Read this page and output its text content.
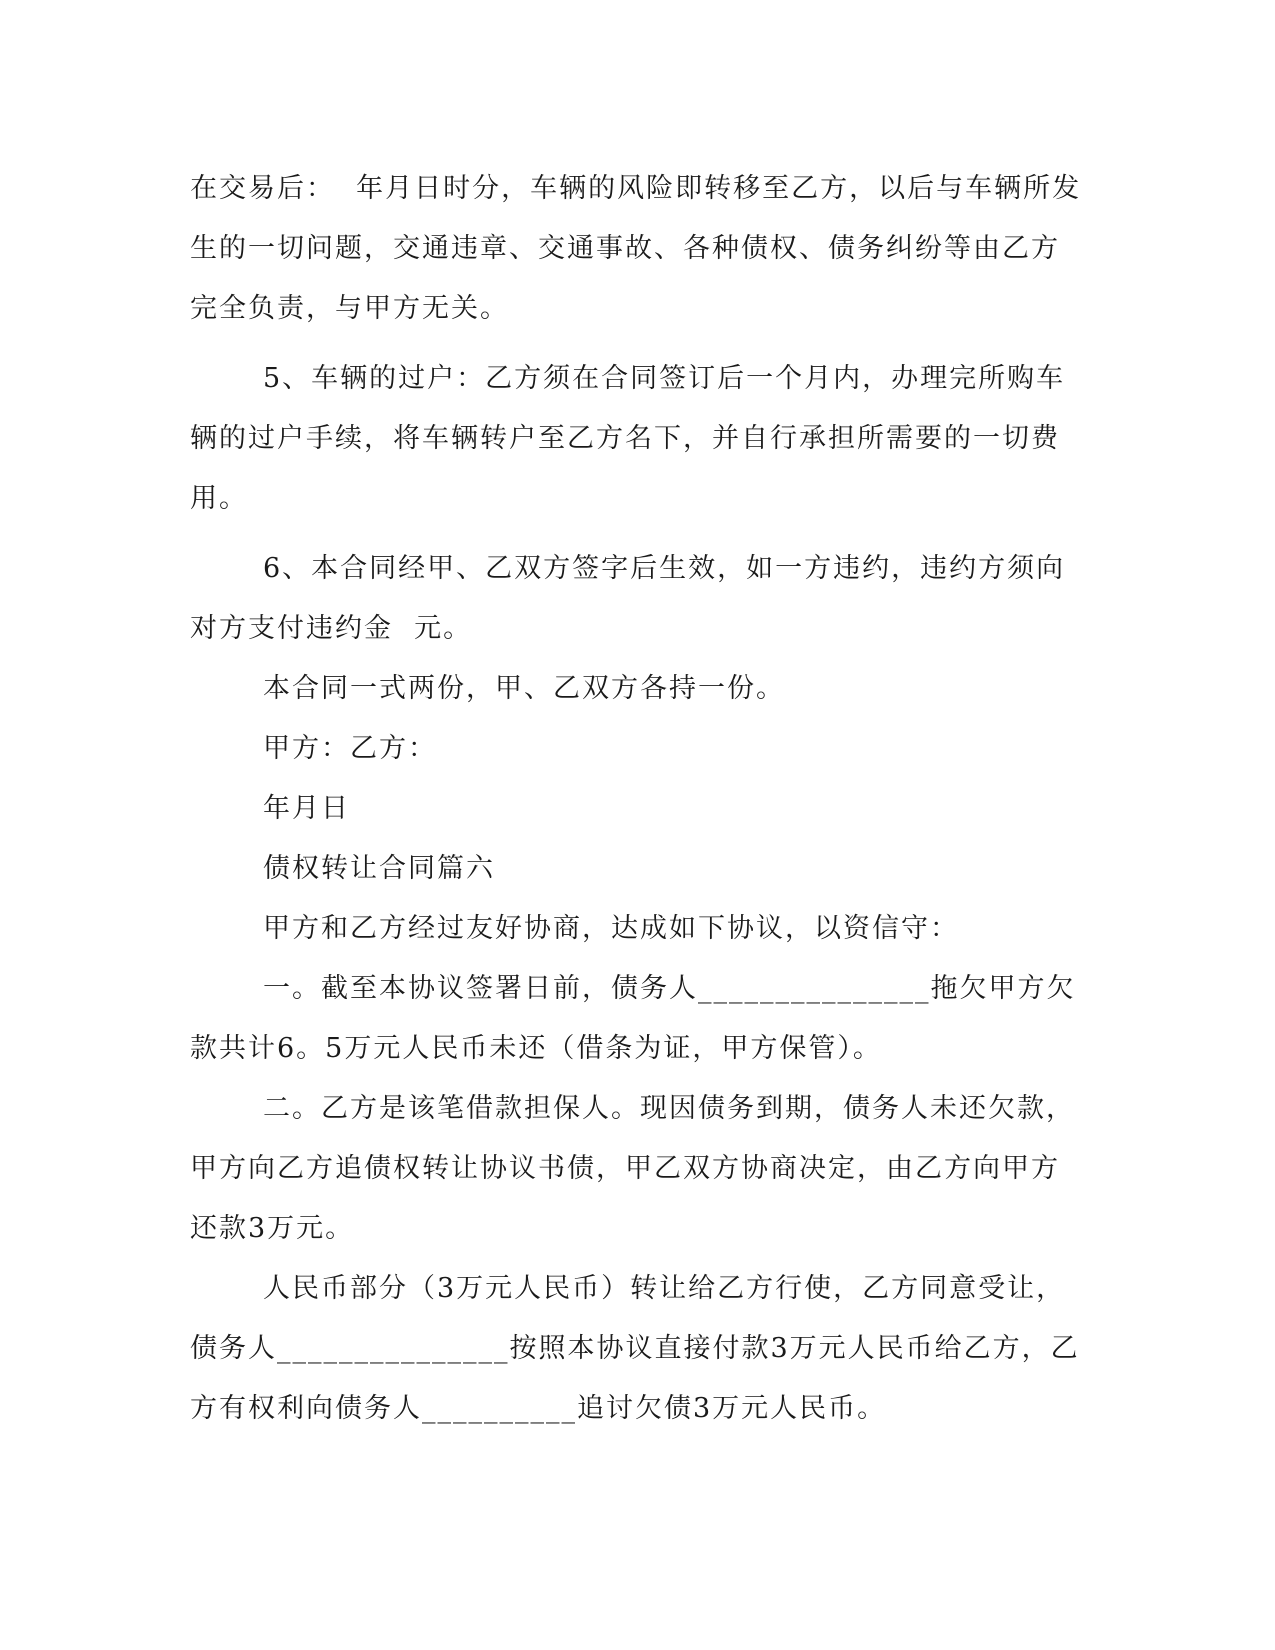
在交易后：  年月日时分，车辆的风险即转移至乙方，以后与车辆所发
生的一切问题，交通违章、交通事故、各种债权、债务纠纷等由乙方
完全负责，与甲方无关。
5、车辆的过户：乙方须在合同签订后一个月内，办理完所购车
辆的过户手续，将车辆转户至乙方名下，并自行承担所需要的一切费
用。
6、本合同经甲、乙双方签字后生效，如一方违约，违约方须向
对方支付违约金  元。
本合同一式两份，甲、乙双方各持一份。
甲方：乙方：
年月日
债权转让合同篇六
甲方和乙方经过友好协商，达成如下协议，以资信守：
一。截至本协议签署日前，债务人_______________拖欠甲方欠
款共计6。5万元人民币未还（借条为证，甲方保管）。
二。乙方是该笔借款担保人。现因债务到期，债务人未还欠款，
甲方向乙方追债权转让协议书债，甲乙双方协商决定，由乙方向甲方
还款3万元。
人民币部分（3万元人民币）转让给乙方行使，乙方同意受让，
债务人_______________按照本协议直接付款3万元人民币给乙方，乙
方有权利向债务人__________追讨欠债3万元人民币。
